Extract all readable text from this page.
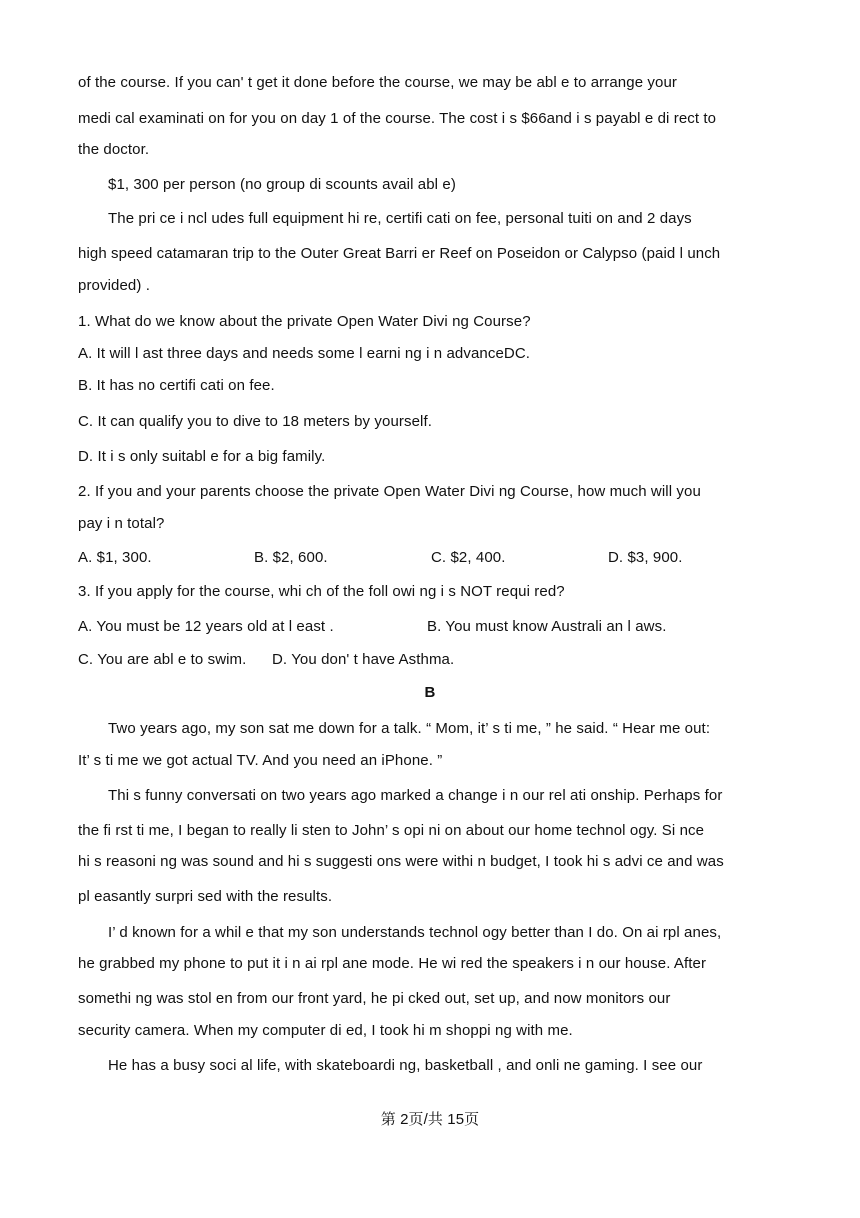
of the course. If you can' t get it done before the course, we may be abl e to arrange your
medi cal examinati on for you on day 1 of the course. The cost i s $66and i s payabl e di rect to
the doctor.
$1, 300 per person (no group di scounts avail abl e)
The pri ce i ncl udes full equipment hi re, certifi cati on fee, personal tuiti on and 2 days
high speed catamaran trip to the Outer Great Barri er Reef on Poseidon or Calypso (paid l unch
provided) .
1. What do we know about the private Open Water Divi ng Course?
A. It will l ast three days and needs some l earni ng i n advanceDC.
B. It has no certifi cati on fee.
C. It can qualify you to dive to 18 meters by yourself.
D. It i s only suitabl e for a big family.
2. If you and your parents choose the private Open Water Divi ng Course, how much will you
pay i n total?
A. $1, 300.	B. $2, 600.	C. $2, 400.	D. $3, 900.
3. If you apply for the course, whi ch of the foll owi ng i s NOT requi red?
A. You must be 12 years old at l east .	B. You must know Australi an l aws.
C. You are abl e to swim. D. You don' t have Asthma.
B
Two years ago, my son sat me down for a talk. “ Mom, it’ s ti me, ” he said. “ Hear me out:
It’ s ti me we got actual TV. And you need an iPhone. ”
Thi s funny conversati on two years ago marked a change i n our rel ati onship. Perhaps for
the fi rst ti me, I began to really li sten to John’ s opi ni on about our home technol ogy. Si nce
hi s reasoni ng was sound and hi s suggesti ons were withi n budget, I took hi s advi ce and was
pl easantly surpri sed with the results.
I’ d known for a whil e that my son understands technol ogy better than I do. On ai rpl anes,
he grabbed my phone to put it i n ai rpl ane mode. He wi red the speakers i n our house. After
somethi ng was stol en from our front yard, he pi cked out, set up, and now monitors our
security camera. When my computer di ed, I took hi m shoppi ng with me.
He has a busy soci al life, with skateboardi ng, basketball , and onli ne gaming. I see our
第 2页/共 15页
